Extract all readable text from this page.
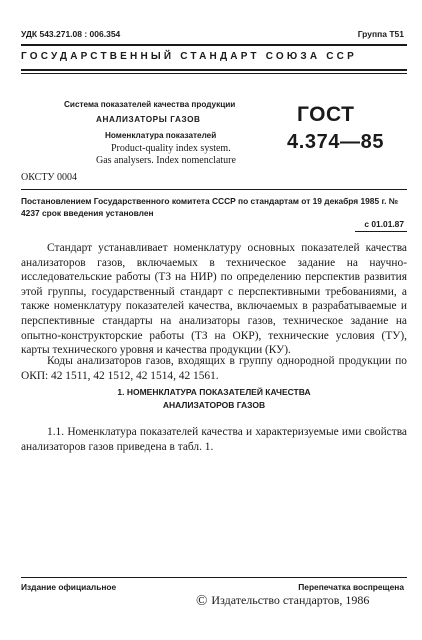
УДК 543.271.08 : 006.354	Группа Т51
ГОСУДАРСТВЕННЫЙ СТАНДАРТ СОЮЗА ССР
Система показателей качества продукции
АНАЛИЗАТОРЫ ГАЗОВ
Номенклатура показателей
Product-quality index system.
Gas analysers. Index nomenclature
ГОСТ
4.374—85
ОКСТУ 0004
Постановлением Государственного комитета СССР по стандартам от 19 декабря 1985 г. № 4237 срок введения установлен
с 01.01.87
Стандарт устанавливает номенклатуру основных показателей качества анализаторов газов, включаемых в техническое задание на научно-исследовательские работы (ТЗ на НИР) по определению перспектив развития этой группы, государственный стандарт с перспективными требованиями, а также номенклатуру показателей качества, включаемых в разрабатываемые и перспективные стандарты на анализаторы газов, техническое задание на опытно-конструкторские работы (ТЗ на ОКР), технические условия (ТУ), карты технического уровня и качества продукции (КУ).
Коды анализаторов газов, входящих в группу однородной продукции по ОКП: 42 1511, 42 1512, 42 1514, 42 1561.
1. НОМЕНКЛАТУРА ПОКАЗАТЕЛЕЙ КАЧЕСТВА
АНАЛИЗАТОРОВ ГАЗОВ
1.1. Номенклатура показателей качества и характеризуемые ими свойства анализаторов газов приведена в табл. 1.
Издание официальное	Перепечатка воспрещена
© Издательство стандартов, 1986
